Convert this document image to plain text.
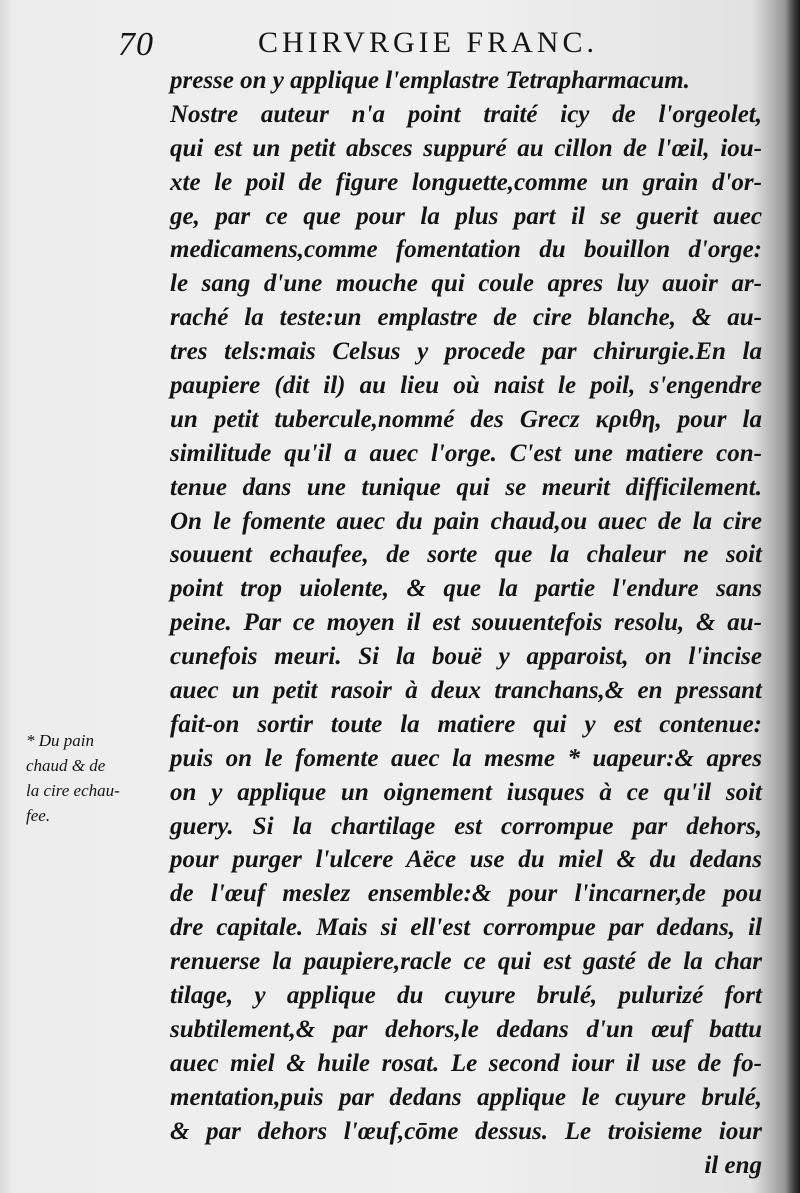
70	CHIRVRGIE FRANC.
* Du pain
chaud & de
la cire echau-
fee.
presse on y applique l'emplastre Tetrapharmacum.
Nostre auteur n'a point traité icy de l'orgeolet,
qui est un petit absces suppuré au cillon de l'œil, iou-
xte le poil de figure longuette,comme un grain d'or-
ge, par ce que pour la plus part il se guerit auec
medicamens,comme fomentation du bouillon d'orge:
le sang d'une mouche qui coule apres luy auoir ar-
raché la teste:un emplastre de cire blanche, & au-
tres tels:mais Celsus y procede par chirurgie.En la
paupiere (dit il) au lieu où naist le poil, s'engendre
un petit tubercule,nommé des Grecz κριθη, pour la
similitude qu'il a auec l'orge. C'est une matiere con-
tenue dans une tunique qui se meurit difficilement.
On le fomente auec du pain chaud,ou auec de la cire
souuent echaufee, de sorte que la chaleur ne soit
point trop uiolente, & que la partie l'endure sans
peine. Par ce moyen il est souuentefois resolu, & au-
cunefois meuri. Si la bouë y apparoist, on l'incise
auec un petit rasoir à deux tranchans,& en pressant
fait-on sortir toute la matiere qui y est contenue:
puis on le fomente auec la mesme * uapeur:& apres
on y applique un oignement iusques à ce qu'il soit
guery. Si la chartilage est corrompue par dehors,
pour purger l'ulcere Aëce use du miel & du dedans
de l'œuf meslez ensemble:& pour l'incarner,de pou
dre capitale. Mais si ell'est corrompue par dedans, il
renuerse la paupiere,racle ce qui est gasté de la char
tilage, y applique du cuyure brulé, pulurizé fort
subtilement,& par dehors,le dedans d'un œuf battu
auec miel & huile rosat. Le second iour il use de fo-
mentation,puis par dedans applique le cuyure brulé,
& par dehors l'œuf,cōme dessus. Le troisieme iour
il eng
